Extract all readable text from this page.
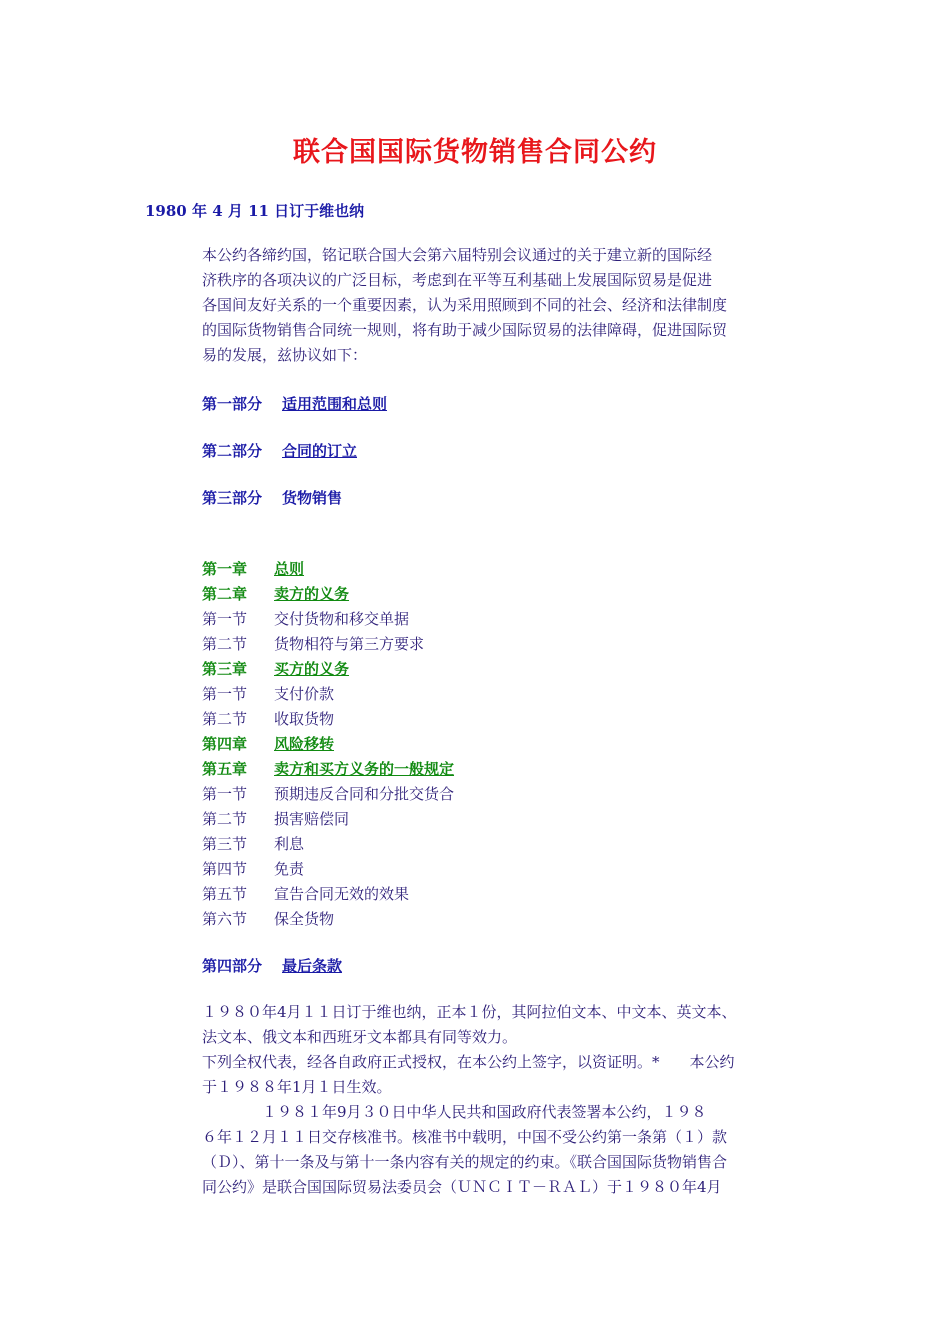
联合国国际货物销售合同公约
1980 年 4 月 11 日订于维也纳
本公约各缔约国，铭记联合国大会第六届特别会议通过的关于建立新的国际经
济秩序的各项决议的广泛目标，考虑到在平等互利基础上发展国际贸易是促进
各国间友好关系的一个重要因素，认为采用照顾到不同的社会、经济和法律制度
的国际货物销售合同统一规则，将有助于减少国际贸易的法律障碍，促进国际贸
易的发展，兹协议如下：
第一部分 适用范围和总则
第二部分 合同的订立
第三部分 货物销售
第一章 总则
第二章 卖方的义务
第一节 交付货物和移交单据
第二节 货物相符与第三方要求
第三章 买方的义务
第一节 支付价款
第二节 收取货物
第四章 风险移转
第五章 卖方和买方义务的一般规定
第一节 预期违反合同和分批交货合
第二节 损害赔偿同
第三节 利息
第四节 免责
第五节 宣告合同无效的效果
第六节 保全货物
第四部分 最后条款
１９８０年4月１１日订于维也纳，正本１份，其阿拉伯文本、中文本、英文本、
法文本、俄文本和西班牙文本都具有同等效力。
下列全权代表，经各自政府正式授权，在本公约上签字，以资证明。*　　本公约
于１９８８年1月１日生效。
　　　　１９８１年9月３０日中华人民共和国政府代表签署本公约，１９８
６年１２月１１日交存核准书。核准书中载明，中国不受公约第一条第（１）款
（Ｄ）、第十一条及与第十一条内容有关的规定的约束。《联合国国际货物销售合
同公约》是联合国国际贸易法委员会（ＵＮＣＩＴ－ＲＡＬ）于１９８０年4月
